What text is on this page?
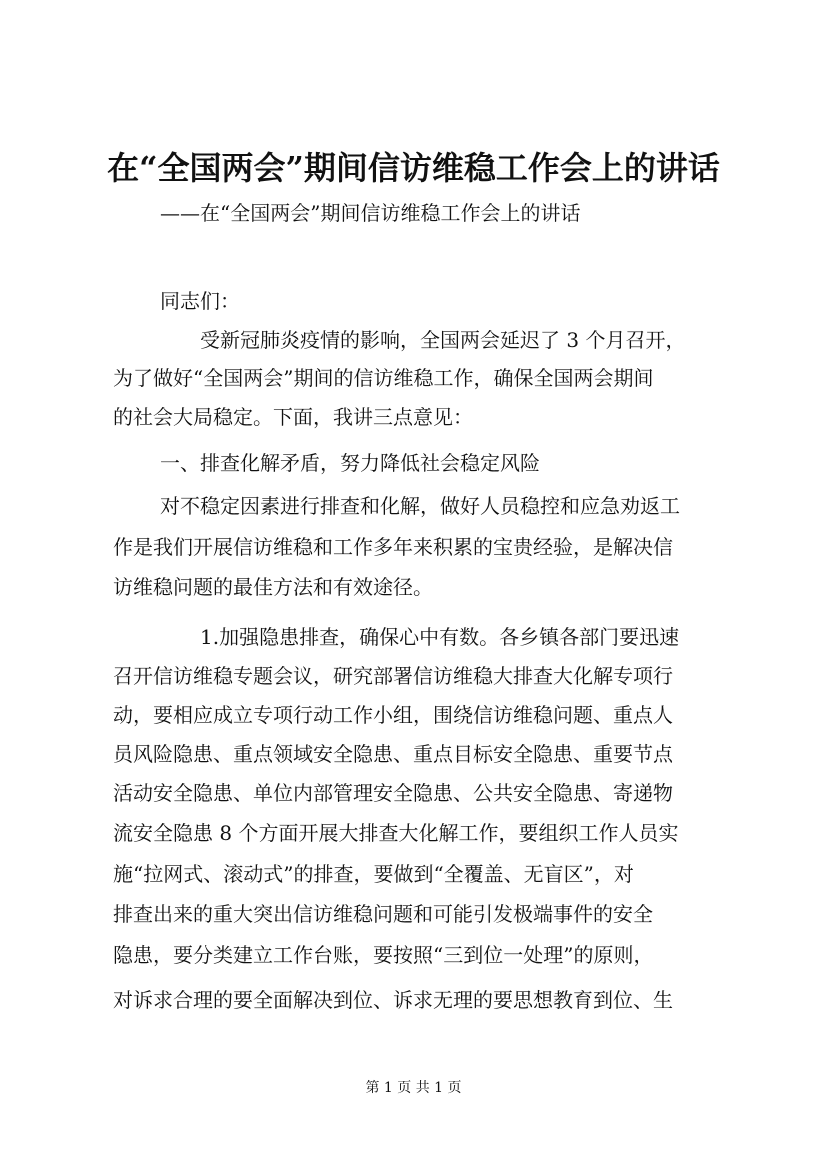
在“全国两会”期间信访维稳工作会上的讲话
——在“全国两会”期间信访维稳工作会上的讲话
同志们：
受新冠肺炎疫情的影响，全国两会延迟了 3 个月召开，
为了做好“全国两会”期间的信访维稳工作，确保全国两会期间
的社会大局稳定。下面，我讲三点意见：
一、排查化解矛盾，努力降低社会稳定风险
对不稳定因素进行排查和化解，做好人员稳控和应急劝返工
作是我们开展信访维稳和工作多年来积累的宝贵经验，是解决信
访维稳问题的最佳方法和有效途径。
1.加强隐患排查，确保心中有数。各乡镇各部门要迅速
召开信访维稳专题会议，研究部署信访维稳大排查大化解专项行
动，要相应成立专项行动工作小组，围绕信访维稳问题、重点人
员风险隐患、重点领域安全隐患、重点目标安全隐患、重要节点
活动安全隐患、单位内部管理安全隐患、公共安全隐患、寄递物
流安全隐患 8 个方面开展大排查大化解工作，要组织工作人员实
施“拉网式、滚动式”的排查，要做到“全覆盖、无盲区”，对
排查出来的重大突出信访维稳问题和可能引发极端事件的安全
隐患，要分类建立工作台账，要按照“三到位一处理”的原则，
对诉求合理的要全面解决到位、诉求无理的要思想教育到位、生
第 1 页 共 1 页
